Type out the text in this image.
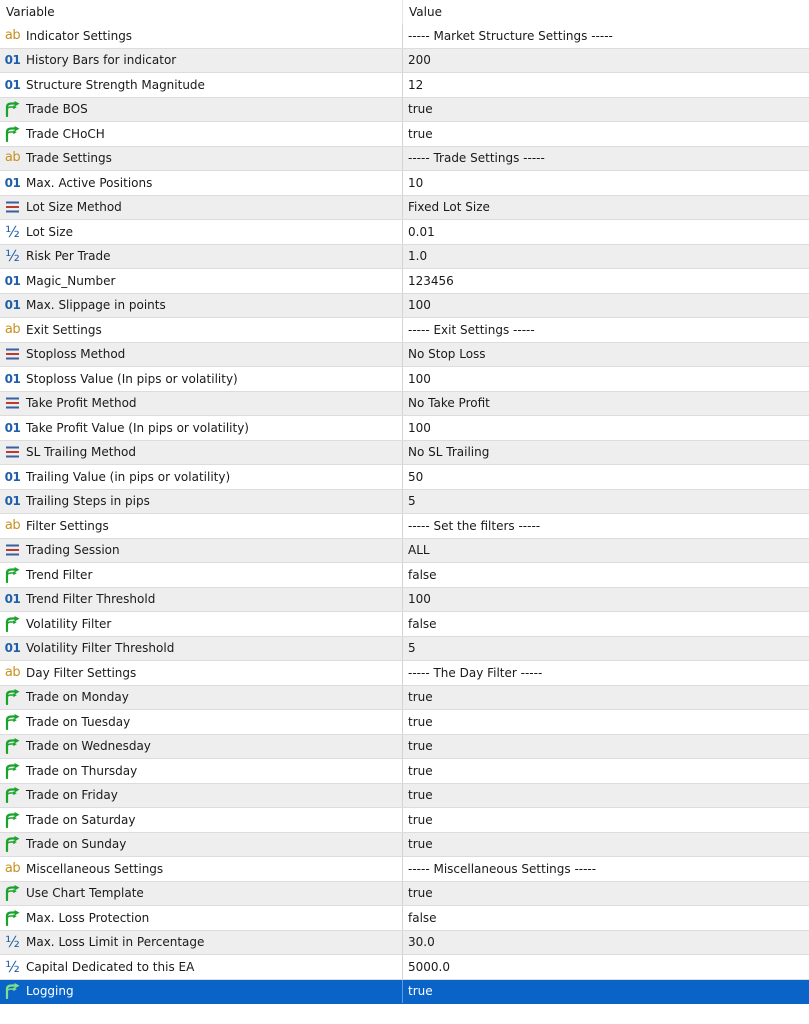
Variable	Value
ab Indicator Settings	----- Market Structure Settings -----
01 History Bars for indicator	200
01 Structure Strength Magnitude	12
Trade BOS	true
Trade CHoCH	true
ab Trade Settings	----- Trade Settings -----
01 Max. Active Positions	10
Lot Size Method	Fixed Lot Size
½ Lot Size	0.01
½ Risk Per Trade	1.0
01 Magic_Number	123456
01 Max. Slippage in points	100
ab Exit Settings	----- Exit Settings -----
Stoploss Method	No Stop Loss
01 Stoploss Value (In pips or volatility)	100
Take Profit Method	No Take Profit
01 Take Profit Value (In pips or volatility)	100
SL Trailing Method	No SL Trailing
01 Trailing Value (in pips or volatility)	50
01 Trailing Steps in pips	5
ab Filter Settings	----- Set the filters -----
Trading Session	ALL
Trend Filter	false
01 Trend Filter Threshold	100
Volatility Filter	false
01 Volatility Filter Threshold	5
ab Day Filter Settings	----- The Day Filter -----
Trade on Monday	true
Trade on Tuesday	true
Trade on Wednesday	true
Trade on Thursday	true
Trade on Friday	true
Trade on Saturday	true
Trade on Sunday	true
ab Miscellaneous Settings	----- Miscellaneous Settings -----
Use Chart Template	true
Max. Loss Protection	false
½ Max. Loss Limit in Percentage	30.0
½ Capital Dedicated to this EA	5000.0
Logging	true
